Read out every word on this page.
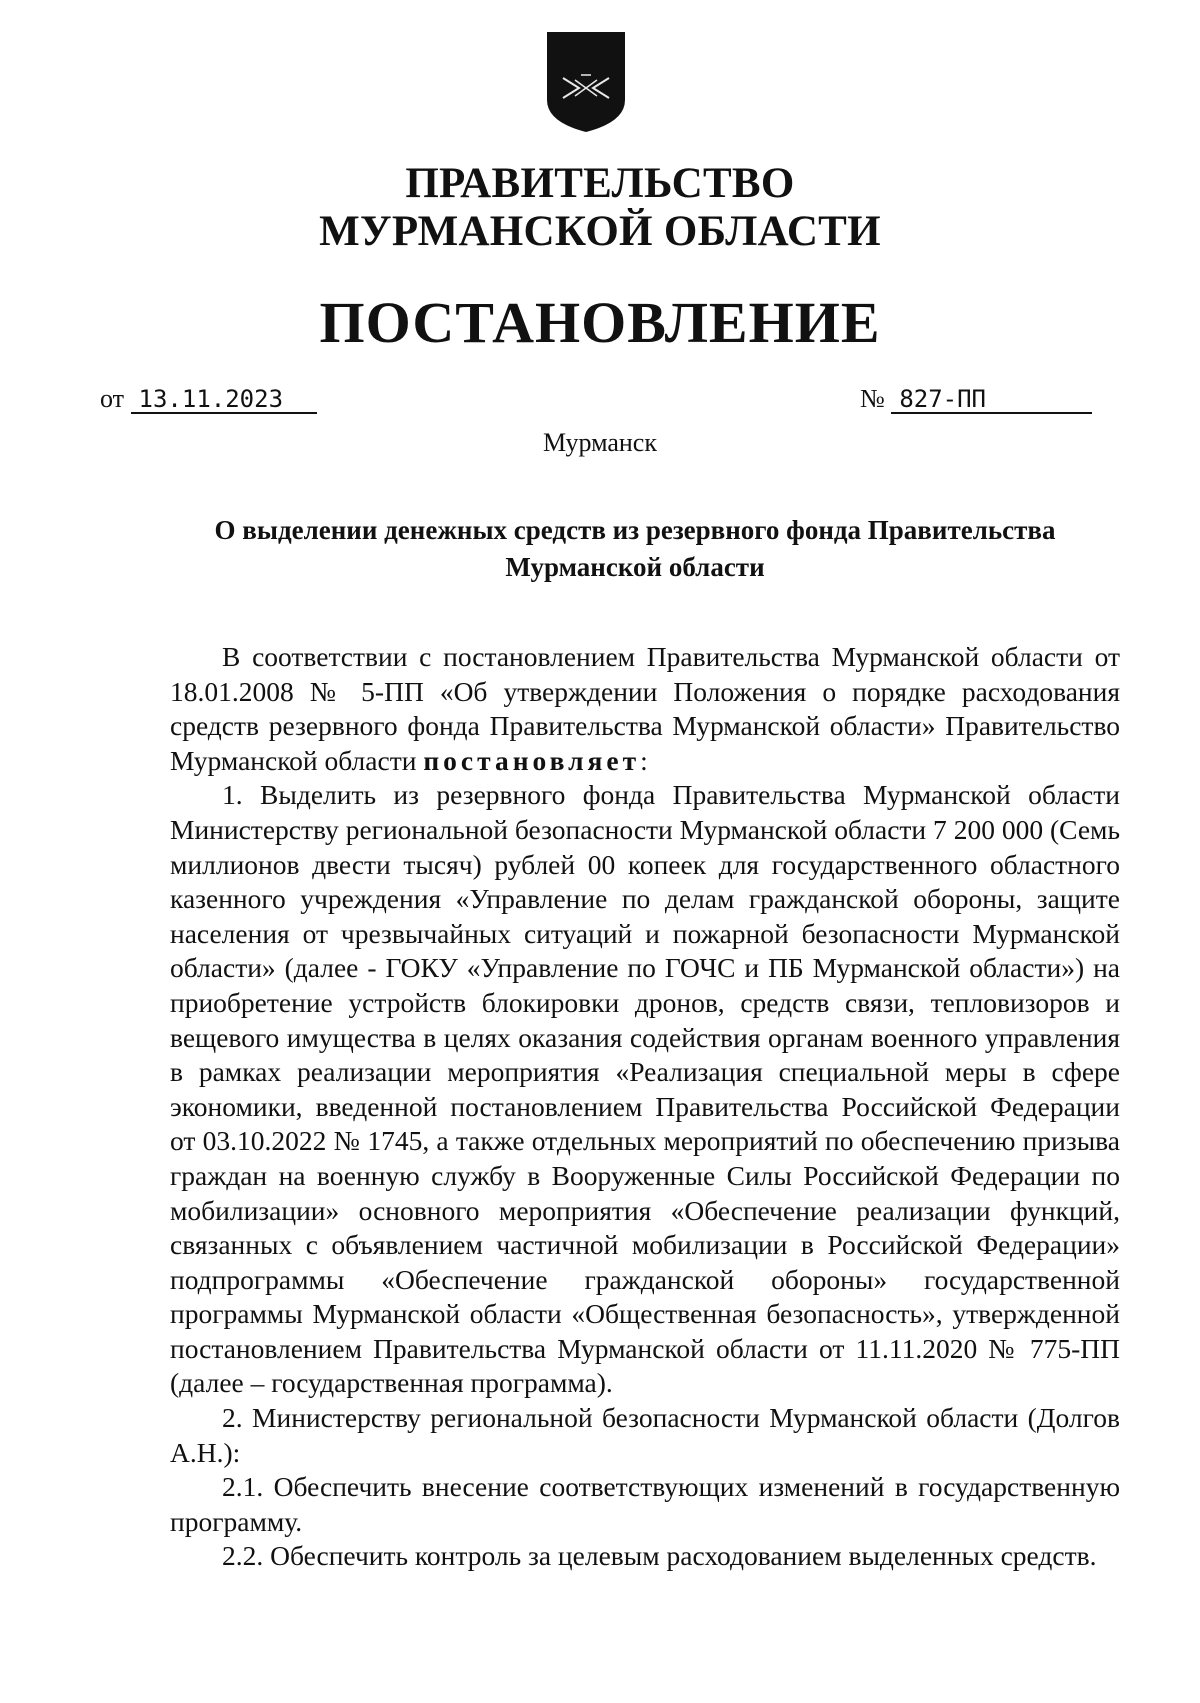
ПРАВИТЕЛЬСТВО
МУРМАНСКОЙ ОБЛАСТИ
ПОСТАНОВЛЕНИЕ
от 13.11.2023	№ 827-ПП
Мурманск
О выделении денежных средств из резервного фонда Правительства
Мурманской области

В соответствии с постановлением Правительства Мурманской области от 18.01.2008 № 5-ПП «Об утверждении Положения о порядке расходования средств резервного фонда Правительства Мурманской области» Правительство Мурманской области постановляет:

1. Выделить из резервного фонда Правительства Мурманской области Министерству региональной безопасности Мурманской области 7 200 000 (Семь миллионов двести тысяч) рублей 00 копеек для государственного областного казенного учреждения «Управление по делам гражданской обороны, защите населения от чрезвычайных ситуаций и пожарной безопасности Мурманской области» (далее - ГОКУ «Управление по ГОЧС и ПБ Мурманской области») на приобретение устройств блокировки дронов, средств связи, тепловизоров и вещевого имущества в целях оказания содействия органам военного управления в рамках реализации мероприятия «Реализация специальной меры в сфере экономики, введенной постановлением Правительства Российской Федерации от 03.10.2022 № 1745, а также отдельных мероприятий по обеспечению призыва граждан на военную службу в Вооруженные Силы Российской Федерации по мобилизации» основного мероприятия «Обеспечение реализации функций, связанных с объявлением частичной мобилизации в Российской Федерации» подпрограммы «Обеспечение гражданской обороны» государственной программы Мурманской области «Общественная безопасность», утвержденной постановлением Правительства Мурманской области от 11.11.2020 № 775-ПП (далее – государственная программа).

2. Министерству региональной безопасности Мурманской области (Долгов А.Н.):

2.1. Обеспечить внесение соответствующих изменений в государственную программу.

2.2. Обеспечить контроль за целевым расходованием выделенных средств.
